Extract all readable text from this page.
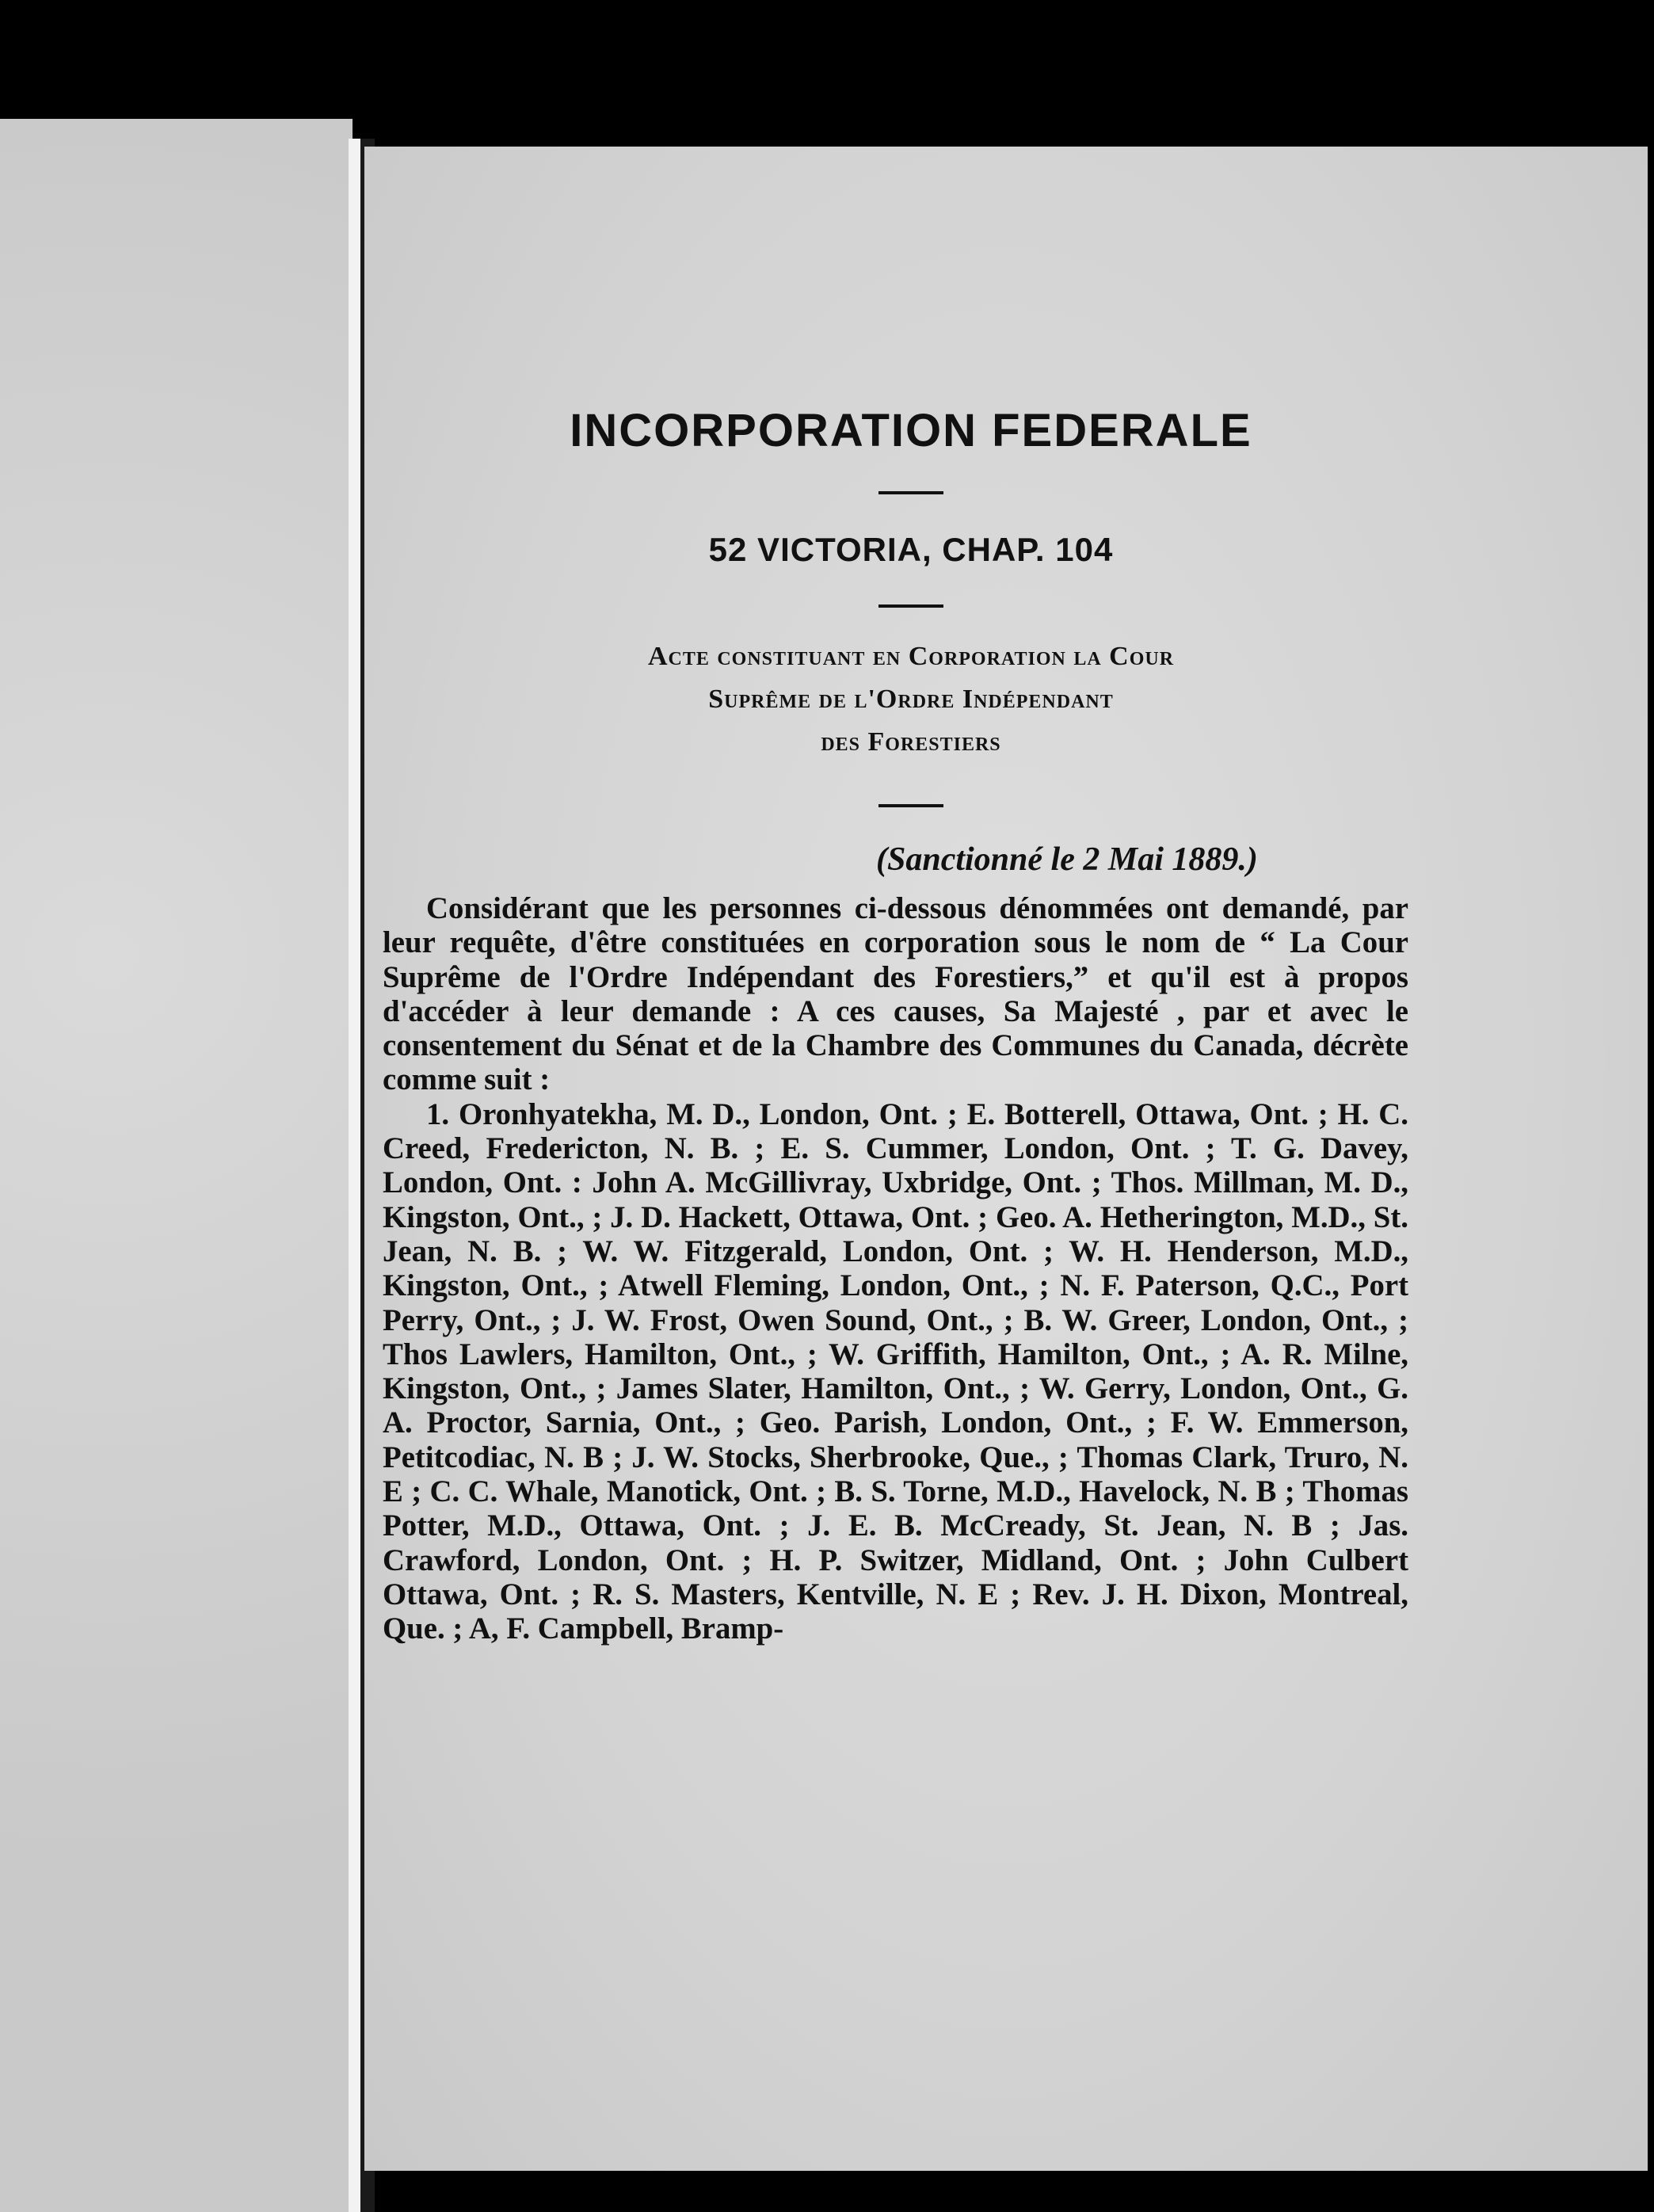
INCORPORATION FEDERALE
52 VICTORIA, CHAP. 104
Acte constituant en Corporation la Cour
Suprême de l'Ordre Indépendant
des Forestiers
(Sanctionné le 2 Mai 1889.)

Considérant que les personnes ci-dessous dénommées ont demandé, par leur requête, d'être constituées en corporation sous le nom de “ La Cour Suprême de l'Ordre Indépendant des Forestiers,” et qu'il est à propos d'accéder à leur demande : A ces causes, Sa Majesté , par et avec le consentement du Sénat et de la Chambre des Communes du Canada, décrète comme suit :

1. Oronhyatekha, M. D., London, Ont. ; E. Botterell, Ottawa, Ont. ; H. C. Creed, Fredericton, N. B. ; E. S. Cummer, London, Ont. ; T. G. Davey, London, Ont. : John A. McGillivray, Uxbridge, Ont. ; Thos. Millman, M. D., Kingston, Ont., ; J. D. Hackett, Ottawa, Ont. ; Geo. A. Hetherington, M.D., St. Jean, N. B. ; W. W. Fitzgerald, London, Ont. ; W. H. Henderson, M.D., Kingston, Ont., ; Atwell Fleming, London, Ont., ; N. F. Paterson, Q.C., Port Perry, Ont., ; J. W. Frost, Owen Sound, Ont., ; B. W. Greer, London, Ont., ; Thos Lawlers, Hamilton, Ont., ; W. Griffith, Hamilton, Ont., ; A. R. Milne, Kingston, Ont., ; James Slater, Hamilton, Ont., ; W. Gerry, London, Ont., G. A. Proctor, Sarnia, Ont., ; Geo. Parish, London, Ont., ; F. W. Emmerson, Petitcodiac, N. B ; J. W. Stocks, Sherbrooke, Que., ; Thomas Clark, Truro, N. E ; C. C. Whale, Manotick, Ont. ; B. S. Torne, M.D., Havelock, N. B ; Thomas Potter, M.D., Ottawa, Ont. ; J. E. B. McCready, St. Jean, N. B ; Jas. Crawford, London, Ont. ; H. P. Switzer, Midland, Ont. ; John Culbert Ottawa, Ont. ; R. S. Masters, Kentville, N. E ; Rev. J. H. Dixon, Montreal, Que. ; A, F. Campbell, Bramp-
